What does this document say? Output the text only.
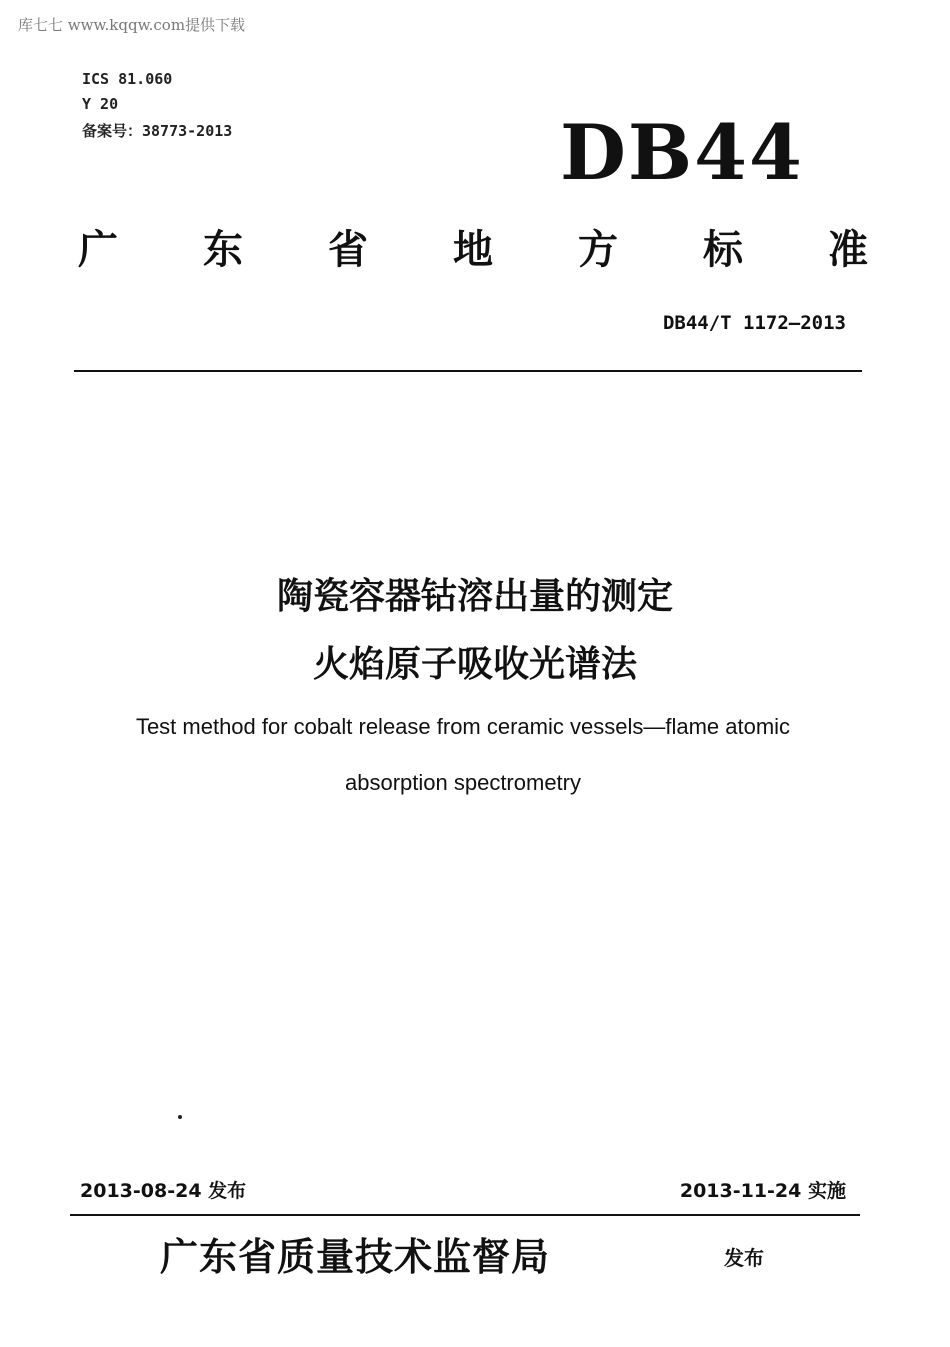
库七七 www.kqqw.com提供下载
ICS 81.060
Y 20
备案号：38773-2013	DB44
广 东 省 地 方 标 准
DB44/T 1172—2013
陶瓷容器钴溶出量的测定
火焰原子吸收光谱法
Test method for cobalt release from ceramic vessels—flame atomic
absorption spectrometry
2013-08-24 发布	2013-11-24 实施
广东省质量技术监督局	发布
